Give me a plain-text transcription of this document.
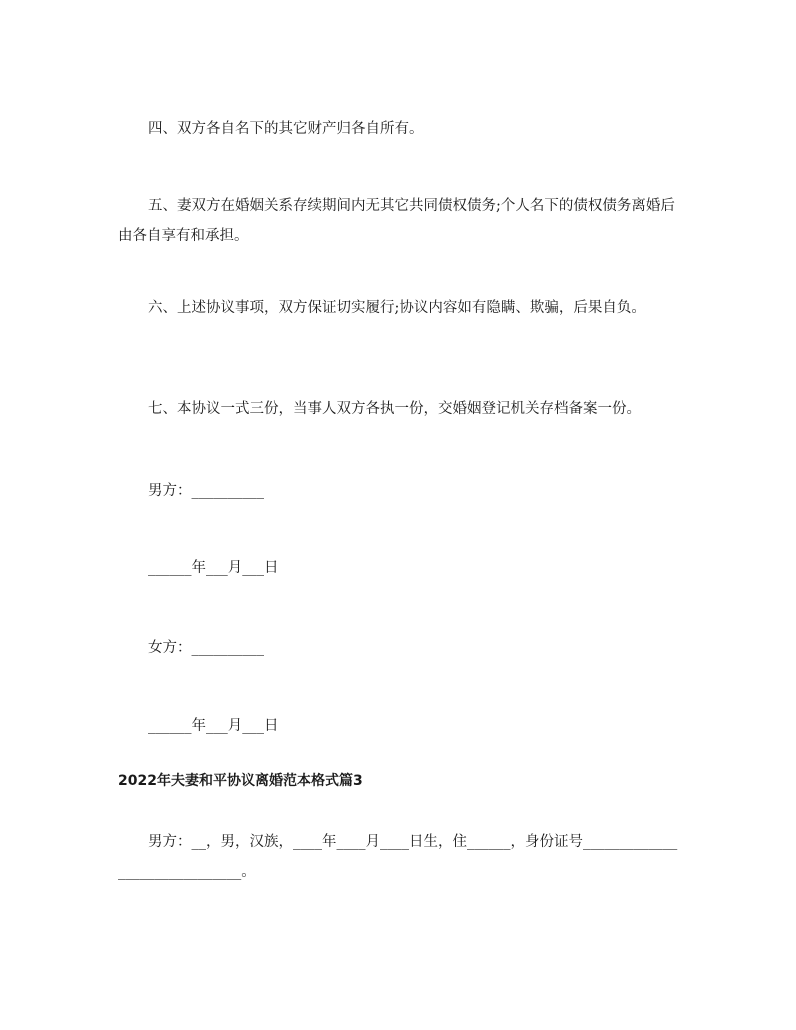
四、双方各自名下的其它财产归各自所有。

五、妻双方在婚姻关系存续期间内无其它共同债权债务;个人名下的债权债务离婚后由各自享有和承担。

六、上述协议事项，双方保证切实履行;协议内容如有隐瞒、欺骗，后果自负。

七、本协议一式三份，当事人双方各执一份，交婚姻登记机关存档备案一份。

男方：__________

______年___月___日

女方：__________

______年___月___日

2022年夫妻和平协议离婚范本格式篇3

男方：__，男，汉族，____年____月____日生，住______，身份证号______________________________。
